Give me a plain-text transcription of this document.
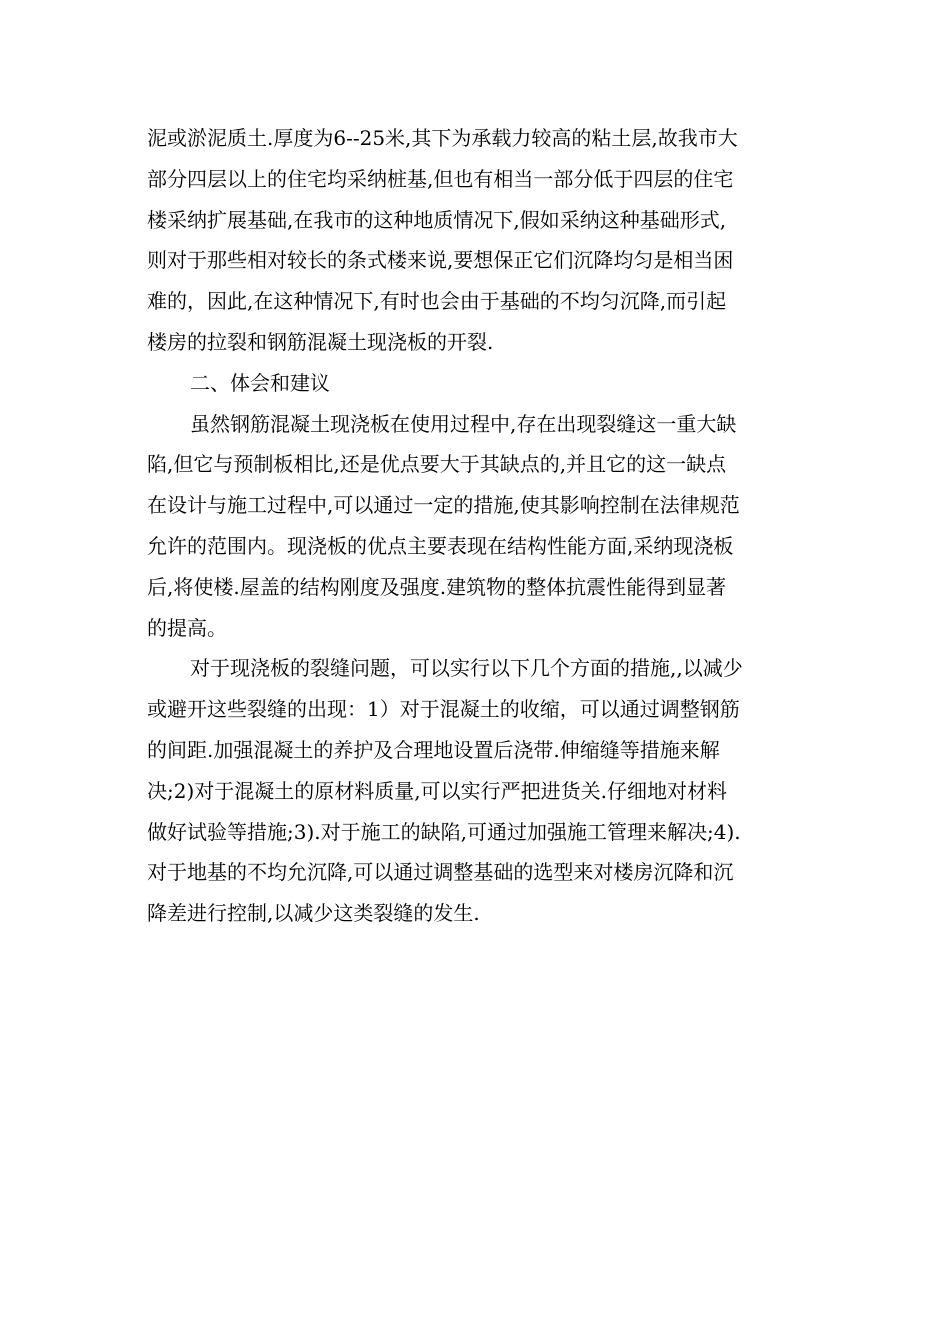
泥或淤泥质土.厚度为6--25米,其下为承载力较高的粘土层,故我市大
部分四层以上的住宅均采纳桩基,但也有相当一部分低于四层的住宅
楼采纳扩展基础,在我市的这种地质情况下,假如采纳这种基础形式,
则对于那些相对较长的条式楼来说,要想保正它们沉降均匀是相当困
难的，因此,在这种情况下,有时也会由于基础的不均匀沉降,而引起
楼房的拉裂和钢筋混凝土现浇板的开裂.
二、体会和建议
虽然钢筋混凝土现浇板在使用过程中,存在出现裂缝这一重大缺
陷,但它与预制板相比,还是优点要大于其缺点的,并且它的这一缺点
在设计与施工过程中,可以通过一定的措施,使其影响控制在法律规范
允许的范围内。现浇板的优点主要表现在结构性能方面,采纳现浇板
后,将使楼.屋盖的结构刚度及强度.建筑物的整体抗震性能得到显著
的提高。
对于现浇板的裂缝问题，可以实行以下几个方面的措施,,以减少
或避开这些裂缝的出现：1）对于混凝土的收缩，可以通过调整钢筋
的间距.加强混凝土的养护及合理地设置后浇带.伸缩缝等措施来解
决;2)对于混凝土的原材料质量,可以实行严把进货关.仔细地对材料
做好试验等措施;3).对于施工的缺陷,可通过加强施工管理来解决;4).
对于地基的不均允沉降,可以通过调整基础的选型来对楼房沉降和沉
降差进行控制,以减少这类裂缝的发生.
